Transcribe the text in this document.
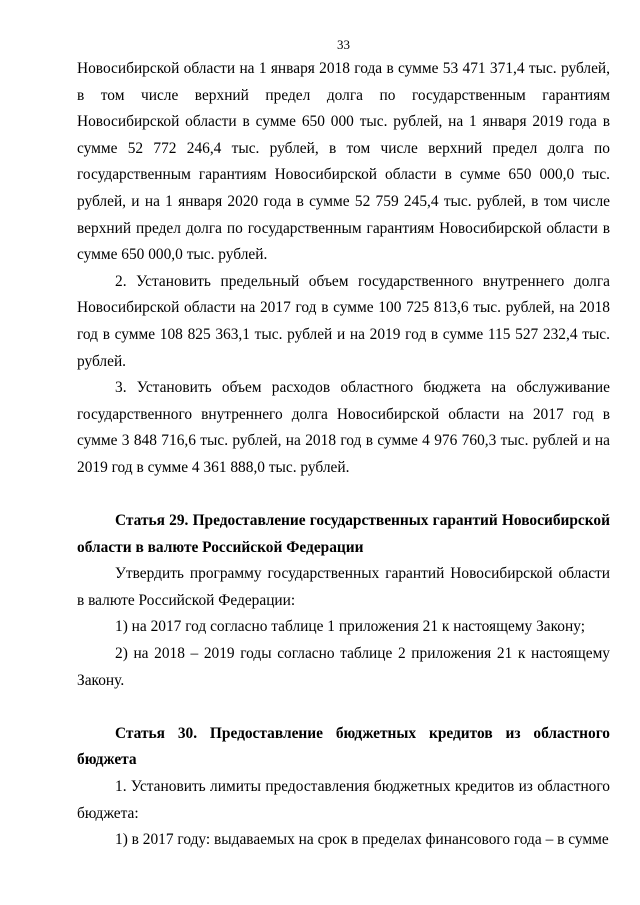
33

Новосибирской области на 1 января 2018 года в сумме 53 471 371,4 тыс. рублей, в том числе верхний предел долга по государственным гарантиям Новосибирской области в сумме 650 000 тыс. рублей, на 1 января 2019 года в сумме 52 772 246,4 тыс. рублей, в том числе верхний предел долга по государственным гарантиям Новосибирской области в сумме 650 000,0 тыс. рублей, и на 1 января 2020 года в сумме 52 759 245,4 тыс. рублей, в том числе верхний предел долга по государственным гарантиям Новосибирской области в сумме 650 000,0 тыс. рублей.

2. Установить предельный объем государственного внутреннего долга Новосибирской области на 2017 год в сумме 100 725 813,6 тыс. рублей, на 2018 год в сумме 108 825 363,1 тыс. рублей и на 2019 год в сумме 115 527 232,4 тыс. рублей.

3. Установить объем расходов областного бюджета на обслуживание государственного внутреннего долга Новосибирской области на 2017 год в сумме 3 848 716,6 тыс. рублей, на 2018 год в сумме 4 976 760,3 тыс. рублей и на 2019 год в сумме 4 361 888,0 тыс. рублей.

Статья 29. Предоставление государственных гарантий Новосибирской области в валюте Российской Федерации

Утвердить программу государственных гарантий Новосибирской области в валюте Российской Федерации:

1) на 2017 год согласно таблице 1 приложения 21 к настоящему Закону;

2) на 2018 – 2019 годы согласно таблице 2 приложения 21 к настоящему Закону.

Статья 30. Предоставление бюджетных кредитов из областного бюджета

1. Установить лимиты предоставления бюджетных кредитов из областного бюджета:

1) в 2017 году: выдаваемых на срок в пределах финансового года – в сумме
